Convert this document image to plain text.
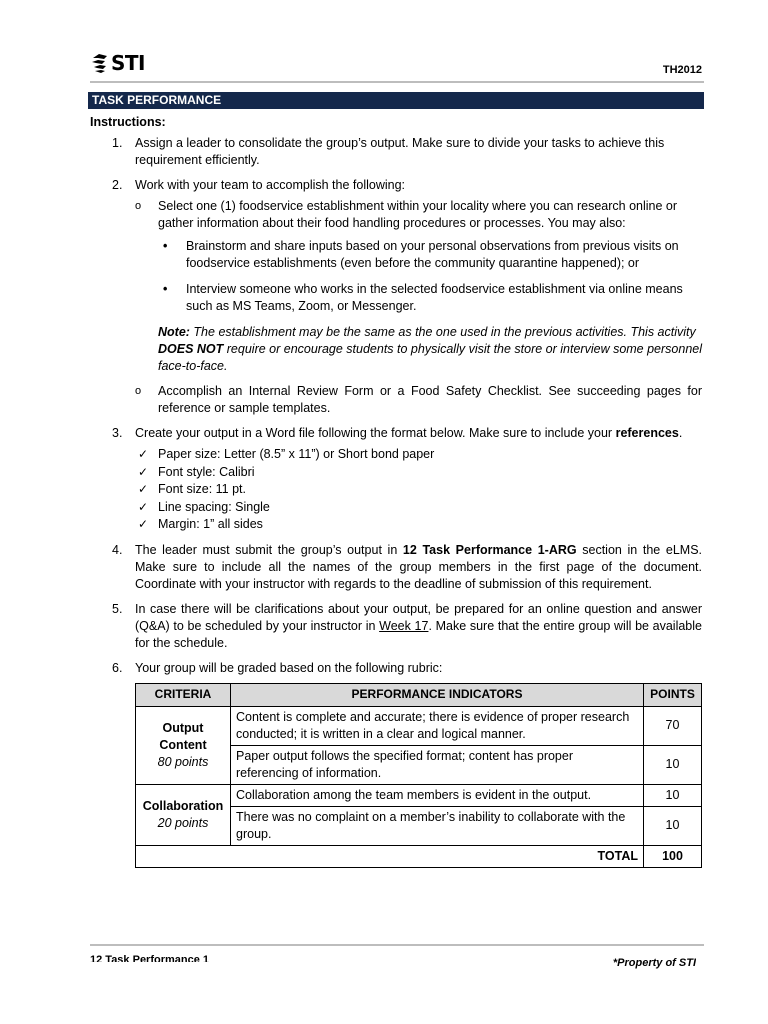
STI	TH2012
TASK PERFORMANCE
Instructions:
1. Assign a leader to consolidate the group’s output. Make sure to divide your tasks to achieve this requirement efficiently.
2. Work with your team to accomplish the following:
o Select one (1) foodservice establishment within your locality where you can research online or gather information about their food handling procedures or processes. You may also:
• Brainstorm and share inputs based on your personal observations from previous visits on foodservice establishments (even before the community quarantine happened); or
• Interview someone who works in the selected foodservice establishment via online means such as MS Teams, Zoom, or Messenger.

Note: The establishment may be the same as the one used in the previous activities. This activity DOES NOT require or encourage students to physically visit the store or interview some personnel face-to-face.

o Accomplish an Internal Review Form or a Food Safety Checklist. See succeeding pages for reference or sample templates.
3. Create your output in a Word file following the format below. Make sure to include your references.
✓ Paper size: Letter (8.5” x 11”) or Short bond paper
✓ Font style: Calibri
✓ Font size: 11 pt.
✓ Line spacing: Single
✓ Margin: 1” all sides
4. The leader must submit the group’s output in 12 Task Performance 1-ARG section in the eLMS. Make sure to include all the names of the group members in the first page of the document. Coordinate with your instructor with regards to the deadline of submission of this requirement.
5. In case there will be clarifications about your output, be prepared for an online question and answer (Q&A) to be scheduled by your instructor in Week 17. Make sure that the entire group will be available for the schedule.
6. Your group will be graded based on the following rubric:
CRITERIA	PERFORMANCE INDICATORS	POINTS

Output Content
80 points	Content is complete and accurate; there is evidence of proper research conducted; it is written in a clear and logical manner.	70
	Paper output follows the specified format; content has proper referencing of information.	10

Collaboration
20 points	Collaboration among the team members is evident in the output.	10
	There was no complaint on a member’s inability to collaborate with the group.	10
TOTAL		100
12 Task Performance 1	*Property of STI
